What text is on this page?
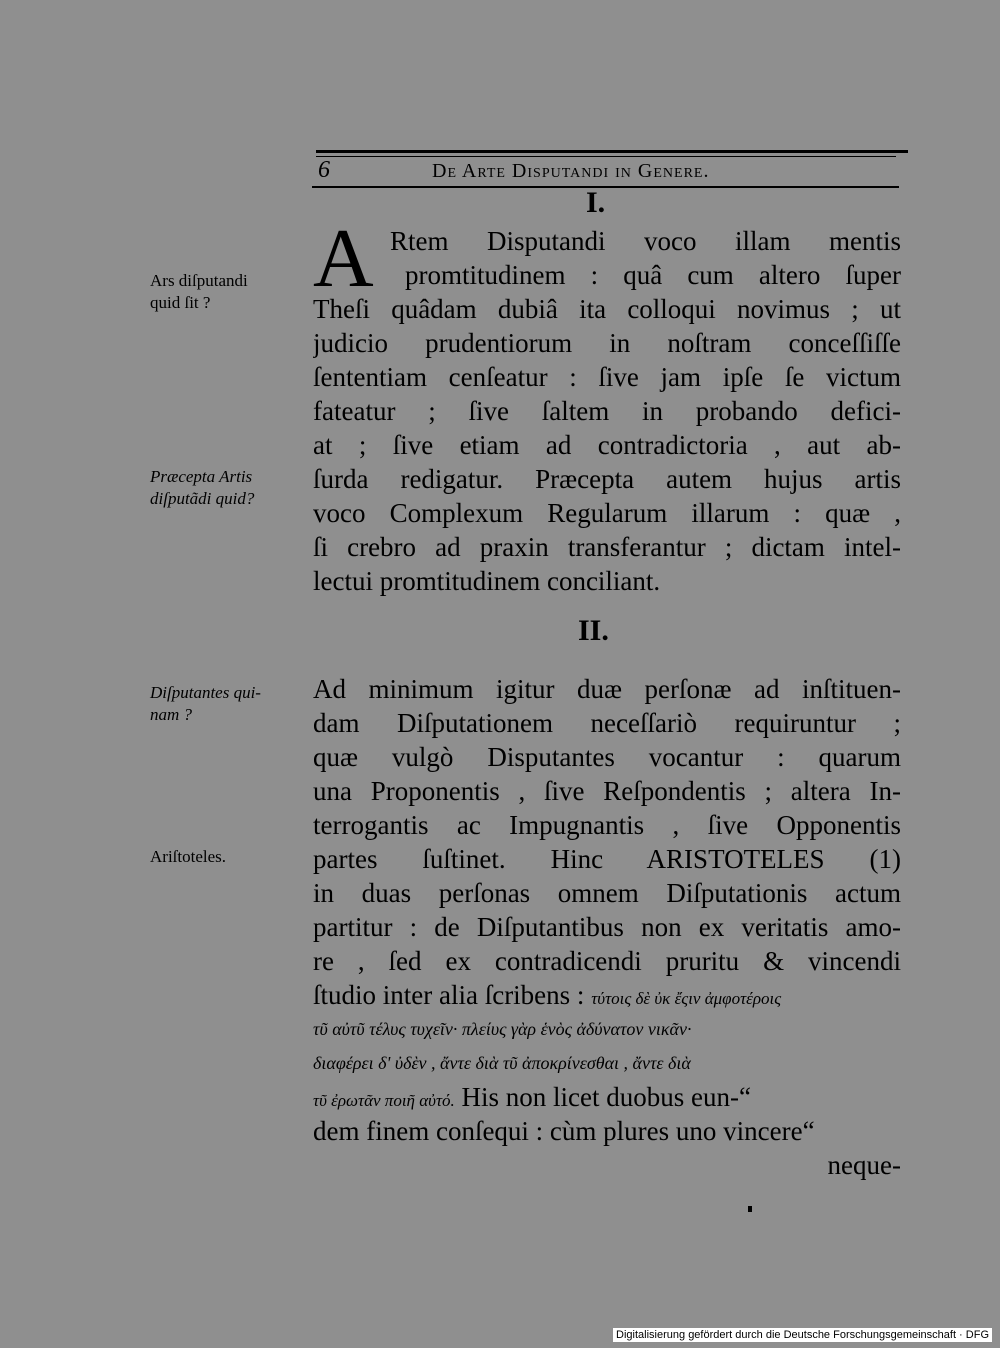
6	De Arte Disputandi in Genere.
I.
A Rtem Disputandi voco illam mentis
promtitudinem : quâ cum altero ſuper
Theſi quâdam dubiâ ita colloqui novimus ; ut
judicio prudentiorum in noſtram conceſſiſſe
ſententiam cenſeatur : ſive jam ipſe ſe victum
fateatur ; ſive ſaltem in probando defici-
at ; ſive etiam ad contradictoria , aut ab-
ſurda redigatur. Præcepta autem hujus artis
voco Complexum Regularum illarum : quæ ,
ſi crebro ad praxin transferantur ; dictam intel-
lectui promtitudinem conciliant.
II.
Ad minimum igitur duæ perſonæ ad inſtituen-
dam Diſputationem neceſſariò requiruntur ;
quæ vulgò Disputantes vocantur : quarum
una Proponentis , ſive Reſpondentis ; altera In-
terrogantis ac Impugnantis , ſive Opponentis
partes ſuſtinet. Hinc ARISTOTELES (1)
in duas perſonas omnem Diſputationis actum
partitur : de Diſputantibus non ex veritatis amo-
re , ſed ex contradicendi pruritu & vincendi
ſtudio inter alia ſcribens : τύτοις δὲ ὐκ ἔςιν ἀμφοτέροις
τῦ αὐτῦ τέλυς τυχεῖν· πλείυς γὰρ ἑνὸς ἀδύνατον νικᾶν·
διαφέρει δ' ὐδὲν , ἄντε διὰ τῦ ἀποκρίνεσθαι , ἄντε διὰ
τῦ ἐρωτᾶν ποιῆ αὐτό. His non licet duobus eun-“
dem finem conſequi : cùm plures uno vincere“
neque-
Ars diſputandi
quid ſit ?
Præcepta Artis
diſputãdi quid?
Diſputantes qui-
nam ?
Ariſtoteles.
Digitalisierung gefördert durch die Deutsche Forschungsgemeinschaft · DFG
